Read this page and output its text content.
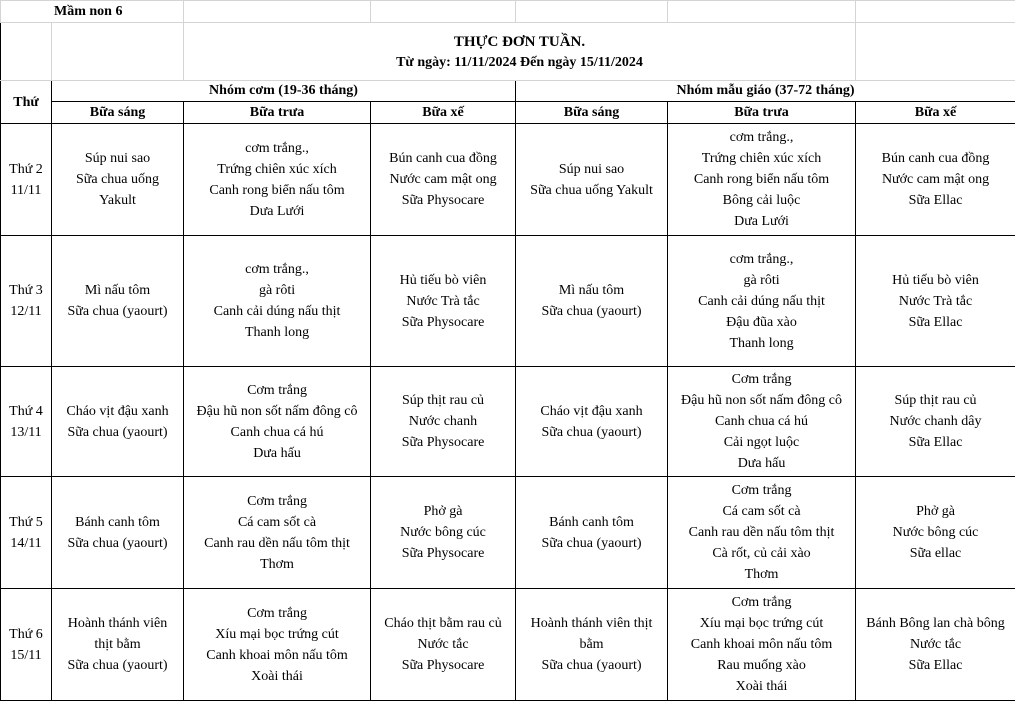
Mầm non 6						

		THỰC ĐƠN TUẦN.
Từ ngày: 11/11/2024 Đến ngày 15/11/2024				

Thứ	Nhóm cơm (19-36 tháng)			Nhóm mẫu giáo (37-72 tháng)		
	Bữa sáng	Bữa trưa	Bữa xế	Bữa sáng	Bữa trưa	Bữa xế

Thứ 2
11/11	Súp nui sao
Sữa chua uống
Yakult	cơm trắng.,
Trứng chiên xúc xích
Canh rong biển nấu tôm
Dưa Lưới	Bún canh cua đồng
Nước cam mật ong
Sữa Physocare	Súp nui sao
Sữa chua uống Yakult	cơm trắng.,
Trứng chiên xúc xích
Canh rong biển nấu tôm
Bông cải luộc
Dưa Lưới	Bún canh cua đồng
Nước cam mật ong
Sữa Ellac

Thứ 3
12/11	Mì nấu tôm
Sữa chua (yaourt)	cơm trắng.,
gà rôti
Canh cải dúng nấu thịt
Thanh long	Hủ tiếu bò viên
Nước Trà tắc
Sữa Physocare	Mì nấu tôm
Sữa chua (yaourt)	cơm trắng.,
gà rôti
Canh cải dúng nấu thịt
Đậu đũa xào
Thanh long	Hủ tiếu bò viên
Nước Trà tắc
Sữa Ellac

Thứ 4
13/11	Cháo vịt đậu xanh
Sữa chua (yaourt)	Cơm trắng
Đậu hũ non sốt nấm đông cô
Canh chua cá hú
Dưa hấu	Súp thịt rau củ
Nước chanh
Sữa Physocare	Cháo vịt đậu xanh
Sữa chua (yaourt)	Cơm trắng
Đậu hũ non sốt nấm đông cô
Canh chua cá hú
Cải ngọt luộc
Dưa hấu	Súp thịt rau củ
Nước chanh dây
Sữa Ellac

Thứ 5
14/11	Bánh canh tôm
Sữa chua (yaourt)	Cơm trắng
Cá cam sốt cà
Canh rau dền nấu tôm thịt
Thơm	Phở gà
Nước bông cúc
Sữa Physocare	Bánh canh tôm
Sữa chua (yaourt)	Cơm trắng
Cá cam sốt cà
Canh rau dền nấu tôm thịt
Cà rốt, củ cải xào
Thơm	Phở gà
Nước bông cúc
Sữa ellac

Thứ 6
15/11	Hoành thánh viên
thịt bằm
Sữa chua (yaourt)	Cơm trắng
Xíu mại bọc trứng cút
Canh khoai môn nấu tôm
Xoài thái	Cháo thịt bằm rau củ
Nước tắc
Sữa Physocare	Hoành thánh viên thịt
bằm
Sữa chua (yaourt)	Cơm trắng
Xíu mại bọc trứng cút
Canh khoai môn nấu tôm
Rau muống xào
Xoài thái	Bánh Bông lan chà bông
Nước tắc
Sữa Ellac
